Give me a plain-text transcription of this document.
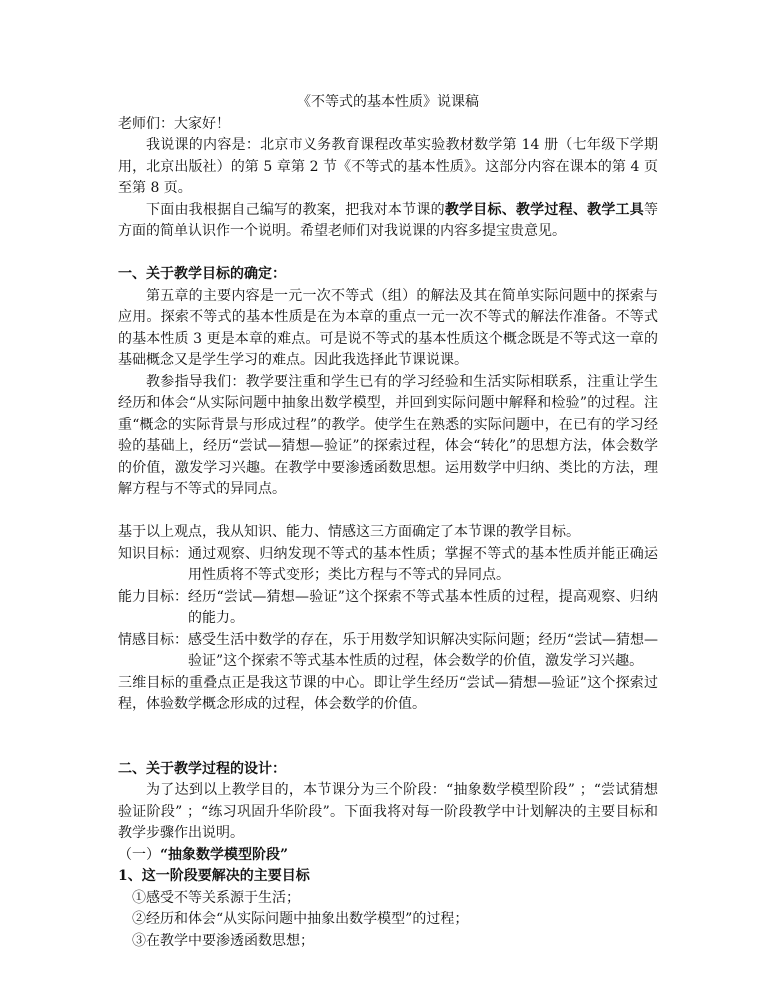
《不等式的基本性质》说课稿

老师们：大家好！

我说课的内容是：北京市义务教育课程改革实验教材数学第 14 册（七年级下学期用，北京出版社）的第 5 章第 2 节《不等式的基本性质》。这部分内容在课本的第 4 页至第 8 页。

下面由我根据自己编写的教案，把我对本节课的教学目标、教学过程、教学工具等方面的简单认识作一个说明。希望老师们对我说课的内容多提宝贵意见。

一、关于教学目标的确定：

第五章的主要内容是一元一次不等式（组）的解法及其在简单实际问题中的探索与应用。探索不等式的基本性质是在为本章的重点一元一次不等式的解法作准备。不等式的基本性质 3 更是本章的难点。可是说不等式的基本性质这个概念既是不等式这一章的基础概念又是学生学习的难点。因此我选择此节课说课。

教参指导我们：教学要注重和学生已有的学习经验和生活实际相联系，注重让学生经历和体会“从实际问题中抽象出数学模型，并回到实际问题中解释和检验”的过程。注重“概念的实际背景与形成过程”的教学。使学生在熟悉的实际问题中，在已有的学习经验的基础上，经历“尝试—猜想—验证”的探索过程，体会“转化”的思想方法，体会数学的价值，激发学习兴趣。在教学中要渗透函数思想。运用数学中归纳、类比的方法，理解方程与不等式的异同点。

基于以上观点，我从知识、能力、情感这三方面确定了本节课的教学目标。

知识目标： 通过观察、归纳发现不等式的基本性质；掌握不等式的基本性质并能正确运用性质将不等式变形；类比方程与不等式的异同点。
能力目标： 经历“尝试—猜想—验证”这个探索不等式基本性质的过程，提高观察、归纳的能力。
情感目标： 感受生活中数学的存在，乐于用数学知识解决实际问题；经历“尝试—猜想—验证”这个探索不等式基本性质的过程，体会数学的价值，激发学习兴趣。

三维目标的重叠点正是我这节课的中心。即让学生经历“尝试—猜想—验证”这个探索过程，体验数学概念形成的过程，体会数学的价值。

二、关于教学过程的设计：

为了达到以上教学目的，本节课分为三个阶段：“抽象数学模型阶段” ；“尝试猜想验证阶段” ；“练习巩固升华阶段”。下面我将对每一阶段教学中计划解决的主要目标和教学步骤作出说明。

（一）“抽象数学模型阶段”

1、这一阶段要解决的主要目标

①感受不等关系源于生活；

②经历和体会“从实际问题中抽象出数学模型”的过程；

③在教学中要渗透函数思想；
